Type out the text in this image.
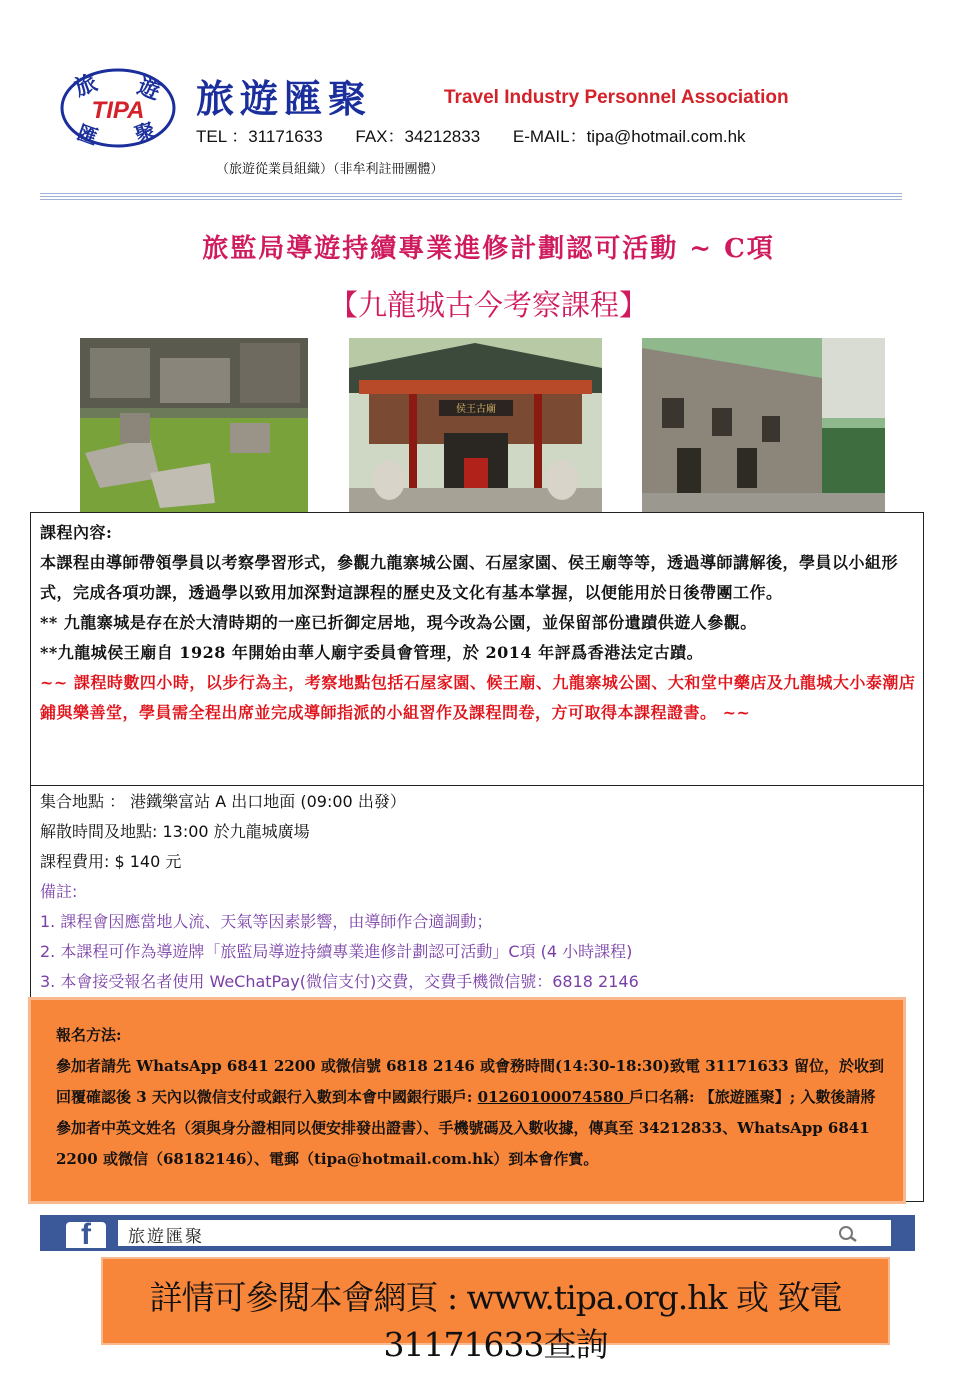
旅 遊
匯 聚
TIPA 旅遊匯聚	Travel Industry Personnel Association
TEL ：31171633 FAX：34212833 E-MAIL：tipa@hotmail.com.hk
（旅遊從業員組織）（非牟利註冊團體）
旅監局導遊持續專業進修計劃認可活動 ~ C項
【九龍城古今考察課程】
侯王古廟
課程內容:
本課程由導師帶領學員以考察學習形式，參觀九龍寨城公園、石屋家園、侯王廟等等，透過導師講解後，學員以小組形式，完成各項功課，透過學以致用加深對這課程的歷史及文化有基本掌握，以便能用於日後帶團工作。
** 九龍寨城是存在於大清時期的一座已折御定居地，現今改為公園，並保留部份遺蹟供遊人參觀。
**九龍城侯王廟自 1928 年開始由華人廟宇委員會管理，於 2014 年評爲香港法定古蹟。
~~ 課程時數四小時，以步行為主，考察地點包括石屋家園、候王廟、九龍寨城公園、大和堂中藥店及九龍城大小泰潮店鋪與樂善堂，學員需全程出席並完成導師指派的小組習作及課程問卷，方可取得本課程證書。 ~~
集合地點 ： 港鐵樂富站 A 出口地面 (09:00 出發）
解散時間及地點: 13:00 於九龍城廣場
課程費用: $ 140 元
備註:
1. 課程會因應當地人流、天氣等因素影響，由導師作合適調動；
2. 本課程可作為導遊牌「旅監局導遊持續專業進修計劃認可活動」C項 (4 小時課程)
3. 本會接受報名者使用 WeChatPay(微信支付)交費，交費手機微信號：6818 2146
報名方法:
參加者請先 WhatsApp 6841 2200 或微信號 6818 2146 或會務時間(14:30-18:30)致電 31171633 留位，於收到回覆確認後 3 天內以微信支付或銀行入數到本會中國銀行賬戶: 01260100074580 戶口名稱: 【旅遊匯聚】; 入數後請將參加者中英文姓名（須與身分證相同以便安排發出證書）、手機號碼及入數收據，傳真至 34212833、WhatsApp 6841 2200 或微信（68182146）、電郵（tipa@hotmail.com.hk）到本會作實。
f	旅遊匯聚
詳情可參閱本會網頁 : www.tipa.org.hk 或 致電31171633查詢
